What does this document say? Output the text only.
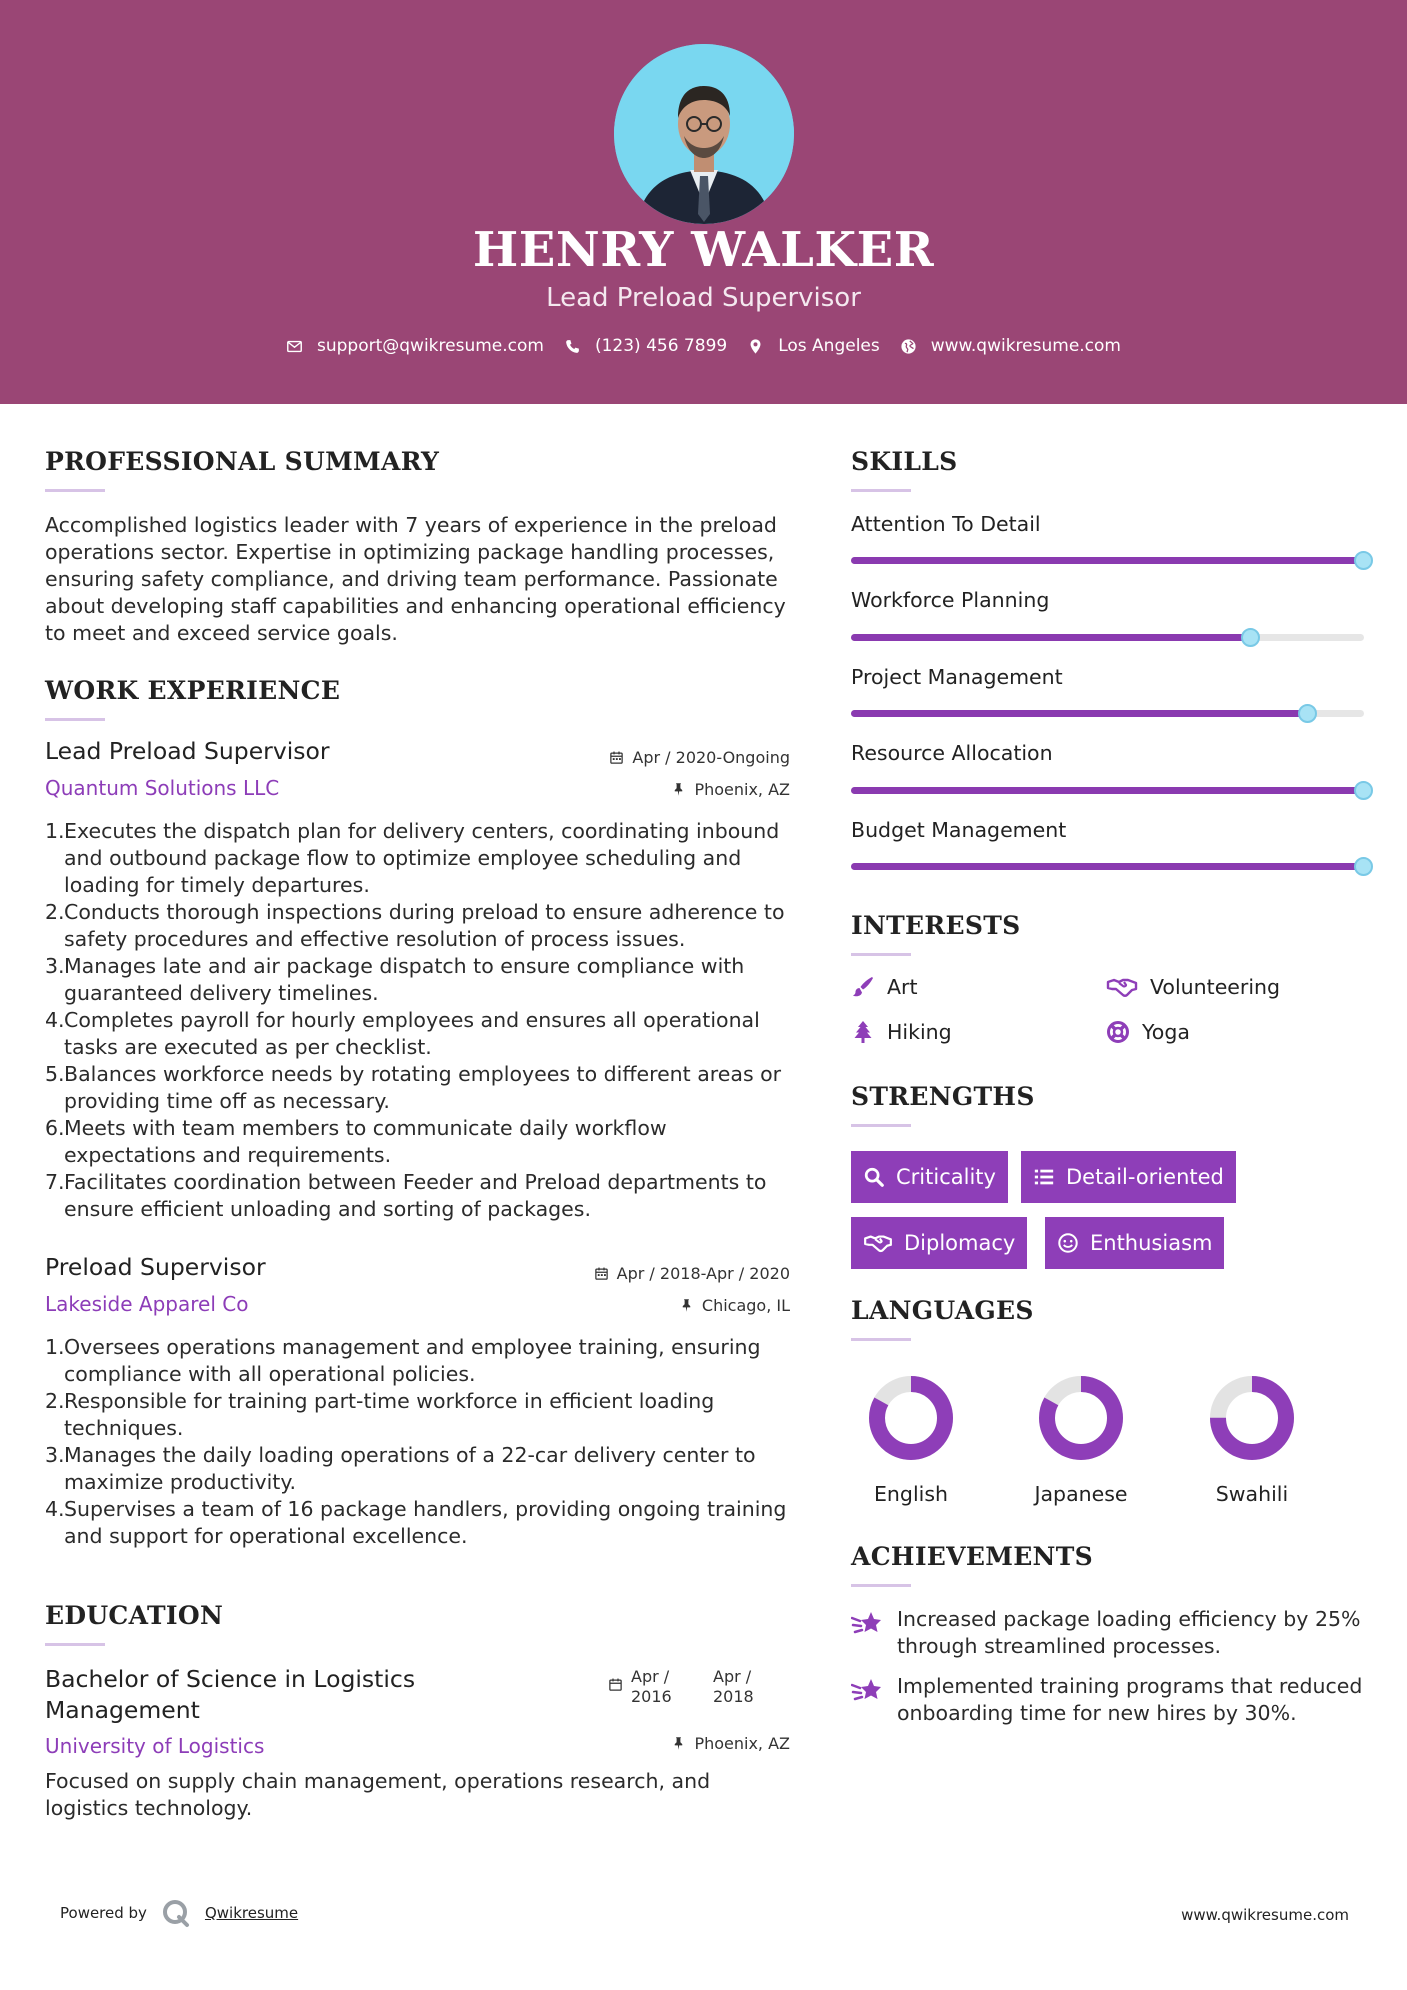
HENRY WALKER
Lead Preload Supervisor
support@qwikresume.com	(123) 456 7899	Los Angeles	www.qwikresume.com
PROFESSIONAL SUMMARY
Accomplished logistics leader with 7 years of experience in the preload operations sector. Expertise in optimizing package handling processes, ensuring safety compliance, and driving team performance. Passionate about developing staff capabilities and enhancing operational efficiency to meet and exceed service goals.
WORK EXPERIENCE
Lead Preload Supervisor	Apr / 2020-Ongoing
Quantum Solutions LLC	Phoenix, AZ
1. Executes the dispatch plan for delivery centers, coordinating inbound and outbound package flow to optimize employee scheduling and loading for timely departures.
2. Conducts thorough inspections during preload to ensure adherence to safety procedures and effective resolution of process issues.
3. Manages late and air package dispatch to ensure compliance with guaranteed delivery timelines.
4. Completes payroll for hourly employees and ensures all operational tasks are executed as per checklist.
5. Balances workforce needs by rotating employees to different areas or providing time off as necessary.
6. Meets with team members to communicate daily workflow expectations and requirements.
7. Facilitates coordination between Feeder and Preload departments to ensure efficient unloading and sorting of packages.
Preload Supervisor	Apr / 2018-Apr / 2020
Lakeside Apparel Co	Chicago, IL
1. Oversees operations management and employee training, ensuring compliance with all operational policies.
2. Responsible for training part-time workforce in efficient loading techniques.
3. Manages the daily loading operations of a 22-car delivery center to maximize productivity.
4. Supervises a team of 16 package handlers, providing ongoing training and support for operational excellence.
EDUCATION
Bachelor of Science in Logistics Management
Apr / 2016
Apr / 2018
University of Logistics	Phoenix, AZ
Focused on supply chain management, operations research, and logistics technology.
SKILLS
Attention To Detail
Workforce Planning
Project Management
Resource Allocation
Budget Management
INTERESTS
Art	Volunteering
Hiking	Yoga
STRENGTHS
Criticality	Detail-oriented
Diplomacy	Enthusiasm
LANGUAGES
English	Japanese	Swahili
ACHIEVEMENTS
Increased package loading efficiency by 25% through streamlined processes.
Implemented training programs that reduced onboarding time for new hires by 30%.
Powered by	Qwikresume	www.qwikresume.com
